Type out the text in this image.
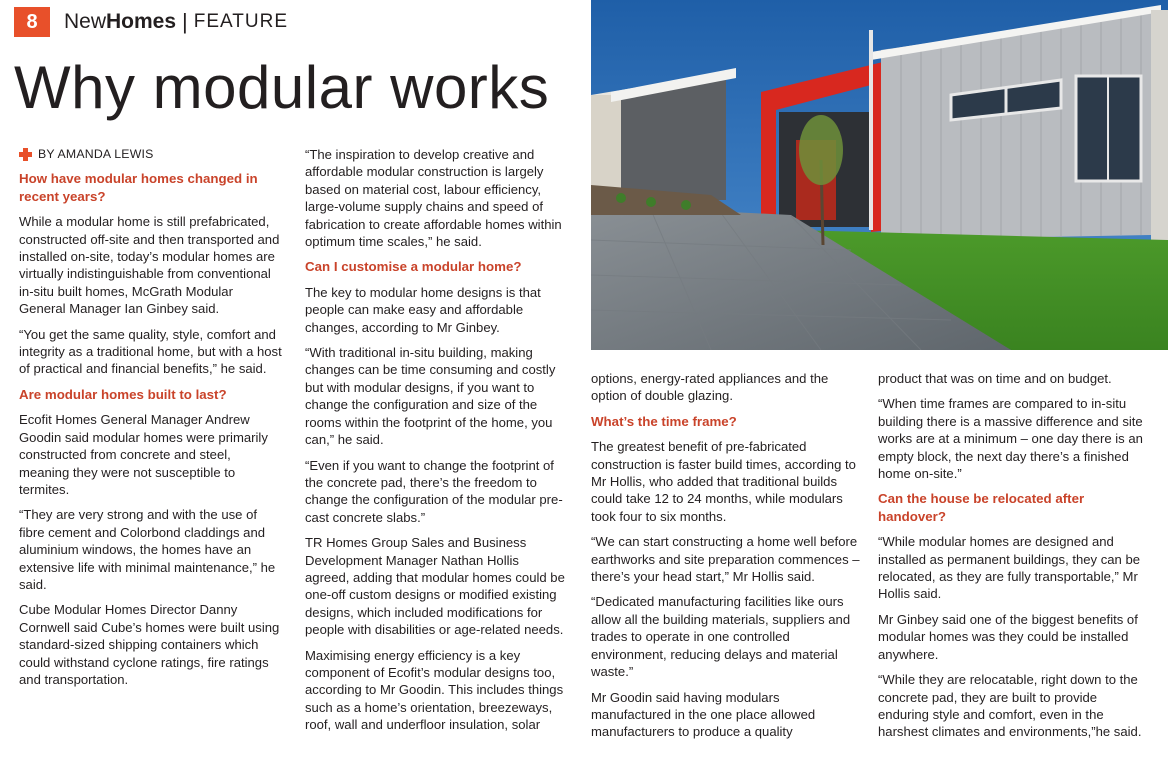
8	NewHomes | FEATURE
Why modular works
BY AMANDA LEWIS
How have modular homes changed in recent years?

While a modular home is still prefabricated, constructed off-site and then transported and installed on-site, today’s modular homes are virtually indistinguishable from conventional in-situ built homes, McGrath Modular General Manager Ian Ginbey said.

“You get the same quality, style, comfort and integrity as a traditional home, but with a host of practical and financial benefits,” he said.

Are modular homes built to last?

Ecofit Homes General Manager Andrew Goodin said modular homes were primarily constructed from concrete and steel, meaning they were not susceptible to termites.

“They are very strong and with the use of fibre cement and Colorbond claddings and aluminium windows, the homes have an extensive life with minimal maintenance,” he said.

Cube Modular Homes Director Danny Cornwell said Cube’s homes were built using standard-sized shipping containers which could withstand cyclone ratings, fire ratings and transportation.

“The inspiration to develop creative and affordable modular construction is largely based on material cost, labour efficiency, large-volume supply chains and speed of fabrication to create affordable homes within optimum time scales,” he said.

Can I customise a modular home?

The key to modular home designs is that people can make easy and affordable changes, according to Mr Ginbey.

“With traditional in-situ building, making changes can be time consuming and costly but with modular designs, if you want to change the configuration and size of the rooms within the footprint of the home, you can,” he said.

“Even if you want to change the footprint of the concrete pad, there’s the freedom to change the configuration of the modular pre-cast concrete slabs.”

TR Homes Group Sales and Business Development Manager Nathan Hollis agreed, adding that modular homes could be one-off custom designs or modified existing designs, which included modifications for people with disabilities or age-related needs.

Maximising energy efficiency is a key component of Ecofit’s modular designs too, according to Mr Goodin. This includes things such as a home’s orientation, breezeways, roof, wall and underfloor insulation, solar

options, energy-rated appliances and the option of double glazing.

What’s the time frame?

The greatest benefit of pre-fabricated construction is faster build times, according to Mr Hollis, who added that traditional builds could take 12 to 24 months, while modulars took four to six months.

“We can start constructing a home well before earthworks and site preparation commences – there’s your head start,” Mr Hollis said.

“Dedicated manufacturing facilities like ours allow all the building materials, suppliers and trades to operate in one controlled environment, reducing delays and material waste.”

Mr Goodin said having modulars manufactured in the one place allowed manufacturers to produce a quality

product that was on time and on budget.

“When time frames are compared to in-situ building there is a massive difference and site works are at a minimum – one day there is an empty block, the next day there’s a finished home on-site.”

Can the house be relocated after handover?

“While modular homes are designed and installed as permanent buildings, they can be relocated, as they are fully transportable,” Mr Hollis said.

Mr Ginbey said one of the biggest benefits of modular homes was they could be installed anywhere.

“While they are relocatable, right down to the concrete pad, they are built to provide enduring style and comfort, even in the harshest climates and environments,”he said.
